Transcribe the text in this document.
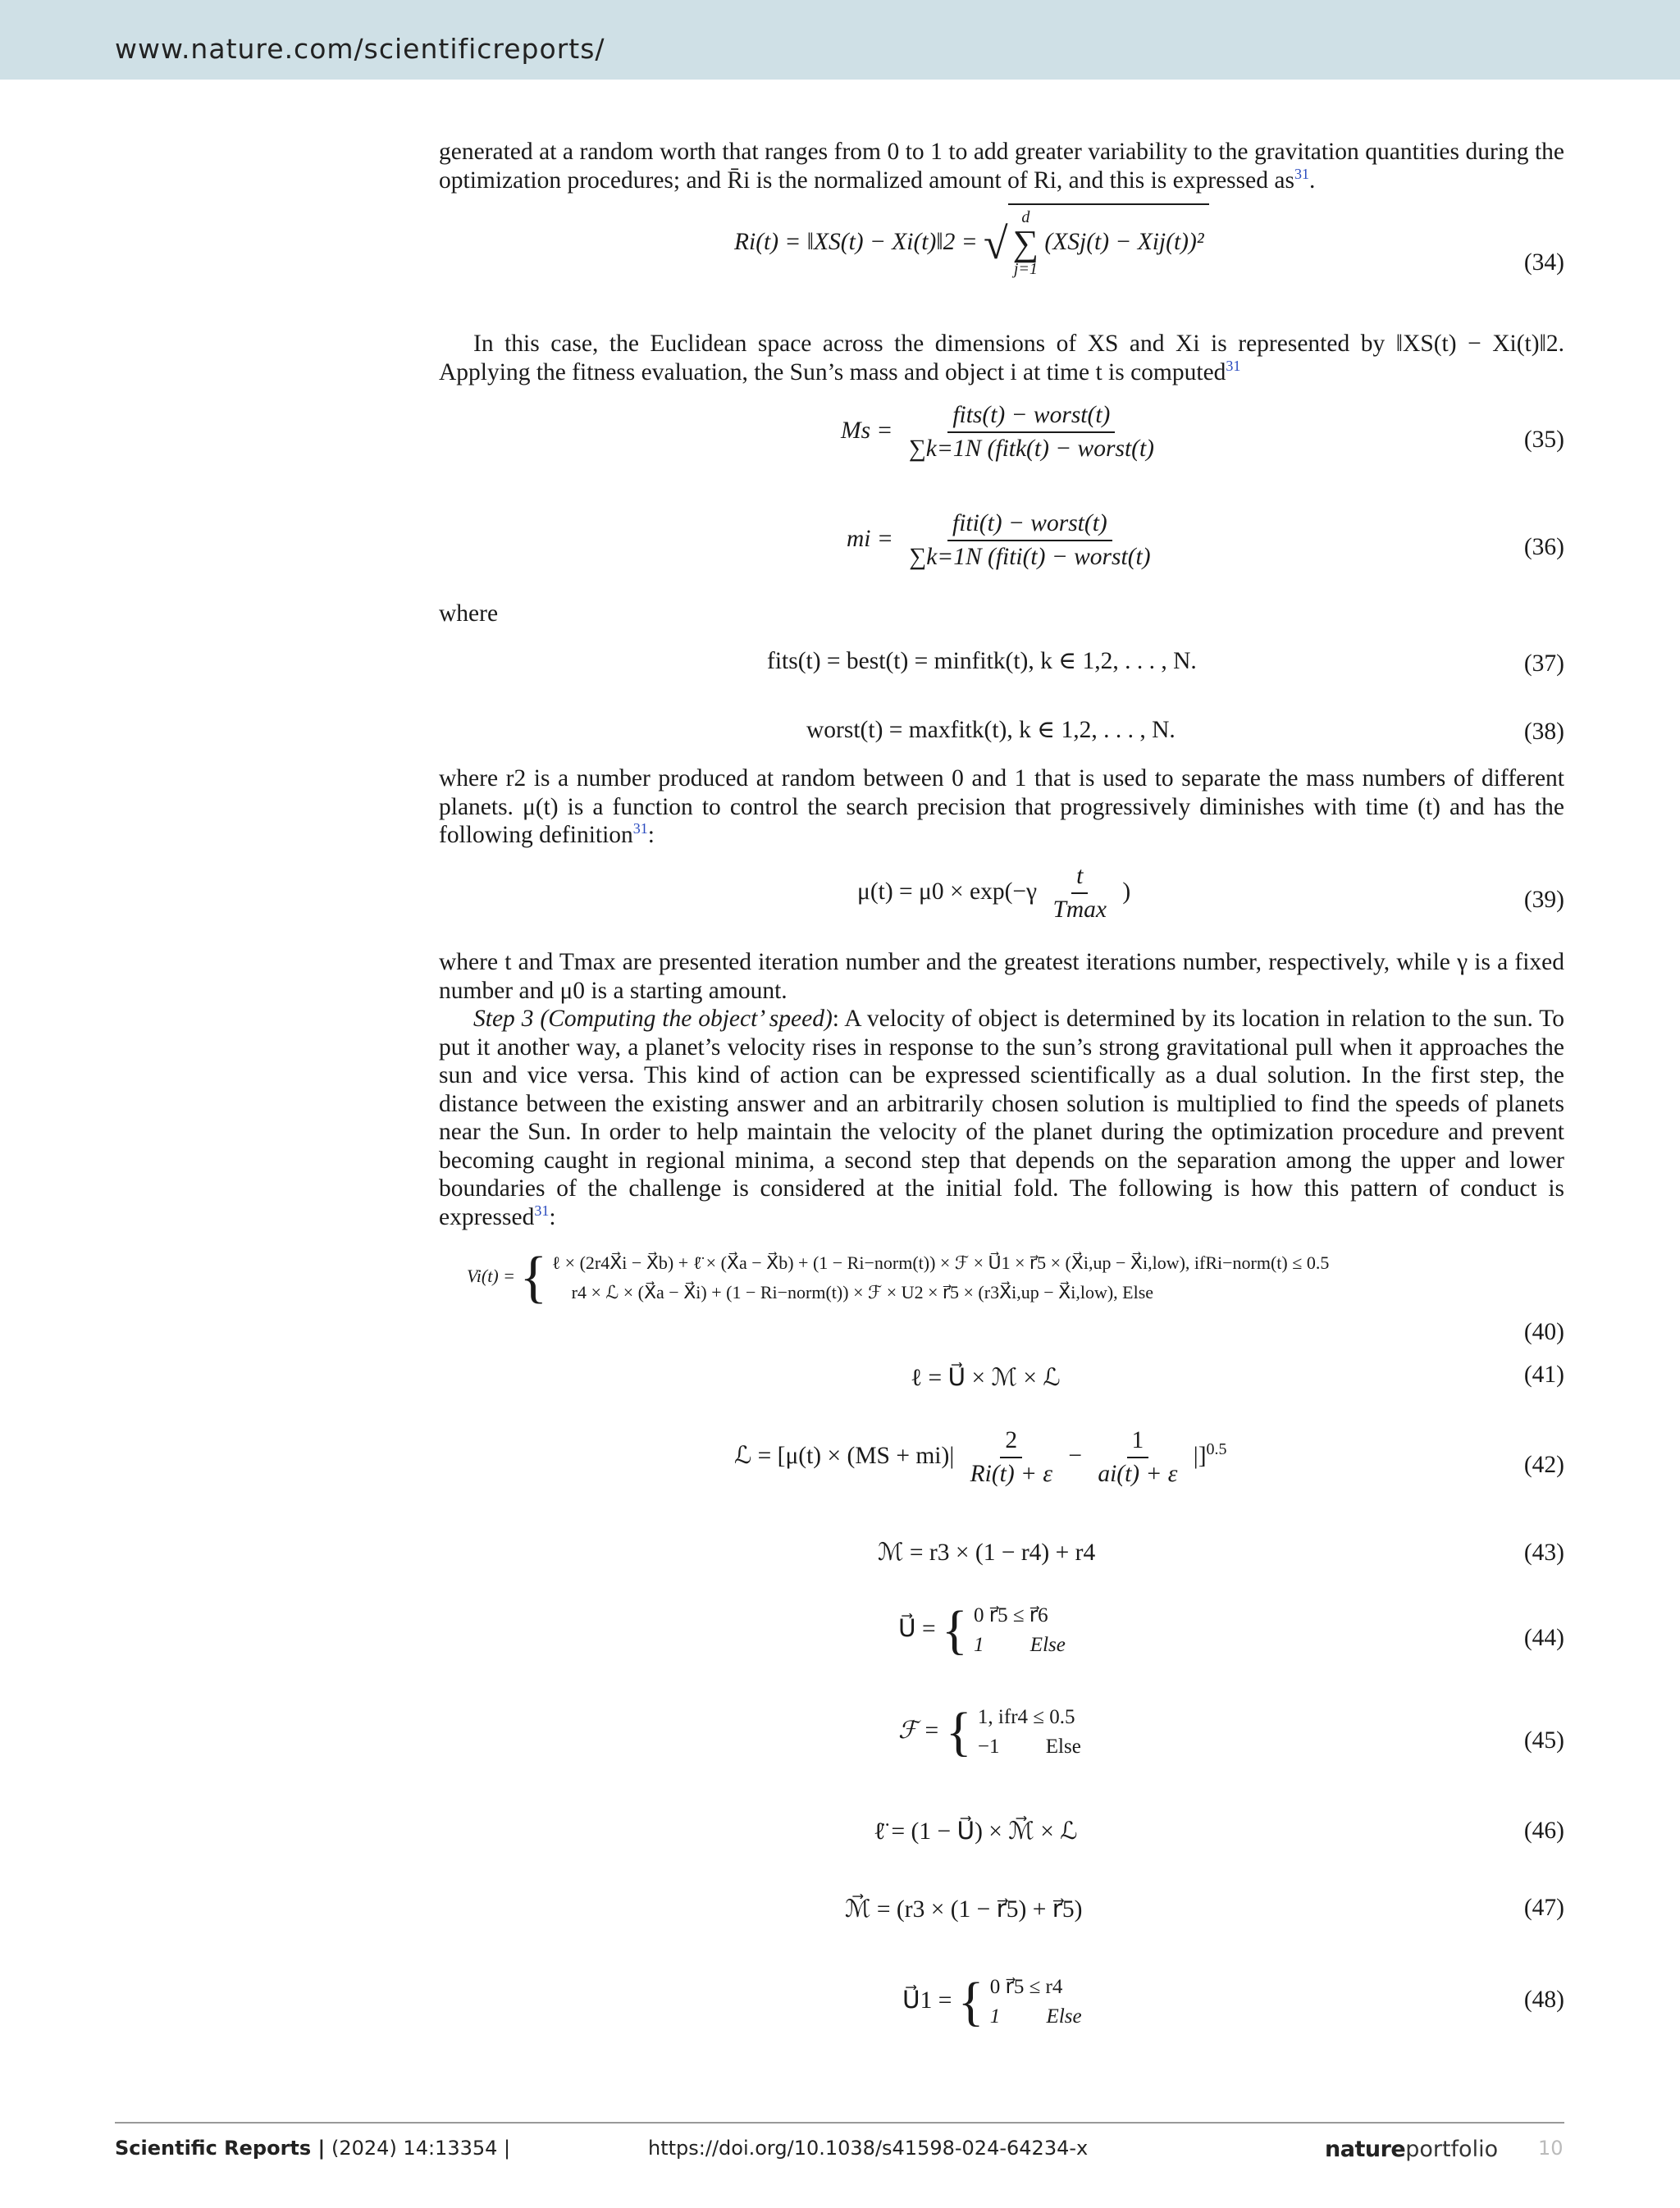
www.nature.com/scientificreports/
generated at a random worth that ranges from 0 to 1 to add greater variability to the gravitation quantities during the optimization procedures; and R̄i is the normalized amount of Ri, and this is expressed as$^{31}$.
Ri(t) = ‖XS(t) − Xi(t)‖2 = √
d
∑
j=1
(XSj(t) − Xij(t))²
(34)
In this case, the Euclidean space across the dimensions of XS and Xi is represented by ‖XS(t) − Xi(t)‖2. Applying the fitness evaluation, the Sun’s mass and object i at time t is computed$^{31}$
$Ms = \frac{\text{fits(t) − worst(t)}}{\text{∑k=1N (fitk(t) − worst(t)}}$	(35)
mi = $\frac{\text{fiti(t) − worst(t)}}{\text{∑k=1N (fiti(t) − worst(t)}}$	(36)
where
fits(t) = best(t) = minfitk(t), k ∈ 1,2, . . . , N.	(37)
worst(t) = maxfitk(t), k ∈ 1,2, . . . , N.	(38)
where r2 is a number produced at random between 0 and 1 that is used to separate the mass numbers of different planets. μ(t) is a function to control the search precision that progressively diminishes with time (t) and has the following definition$^{31}$:
$\mu(t) = \mu 0 \times \exp(-\gamma \frac{t}{Tmax}$ )	(39)
where t and Tmax are presented iteration number and the greatest iterations number, respectively, while γ is a fixed number and μ0 is a starting amount.
Step 3 (Computing the object’ speed): A velocity of object is determined by its location in relation to the sun. To put it another way, a planet’s velocity rises in response to the sun’s strong gravitational pull when it approaches the sun and vice versa. This kind of action can be expressed scientifically as a dual solution. In the first step, the distance between the existing answer and an arbitrarily chosen solution is multiplied to find the speeds of planets near the Sun. In order to help maintain the velocity of the planet during the optimization procedure and prevent becoming caught in regional minima, a second step that depends on the separation among the upper and lower boundaries of the challenge is considered at the initial fold. The following is how this pattern of conduct is expressed$^{31}$:
Vi(t) = { ℓ × (2r4X⃗i − X⃗b) + ℓ̈ × (X⃗a − X⃗b) + (1 − Ri−norm(t)) × ℱ × U⃗1 × r⃗5 × (X⃗i,up − X⃗i,low), ifRi−norm(t) ≤ 0.5
r4 × ℒ × (X⃗a − X⃗i) + (1 − Ri−norm(t)) × ℱ × U2 × r⃗5 × (r3X⃗i,up − X⃗i,low), Else
(40)
ℓ = U⃗ × ℳ × ℒ	(41)
ℒ = $[\mu(t) \times (MS + mi)| \frac{2}{Ri(t) + \varepsilon} - \frac{1}{ai(t) + \varepsilon} |]^{0.5}$
(42)
ℳ = r3 × (1 − r4) + r4	(43)
U⃗ = { 0 r⃗5 ≤ r⃗6
1         Else	(44)
ℱ = { 1, ifr4 ≤ 0.5
−1         Else	(45)
ℓ̈ = (1 − U⃗) × ℳ⃗ × ℒ	(46)
ℳ⃗ = (r3 × (1 − r⃗5) + r⃗5)	(47)
U⃗1 = { 0 r⃗5 ≤ r4
1         Else
(48)
Scientific Reports | (2024) 14:13354 |	https://doi.org/10.1038/s41598-024-64234-x	natureportfolio 10
